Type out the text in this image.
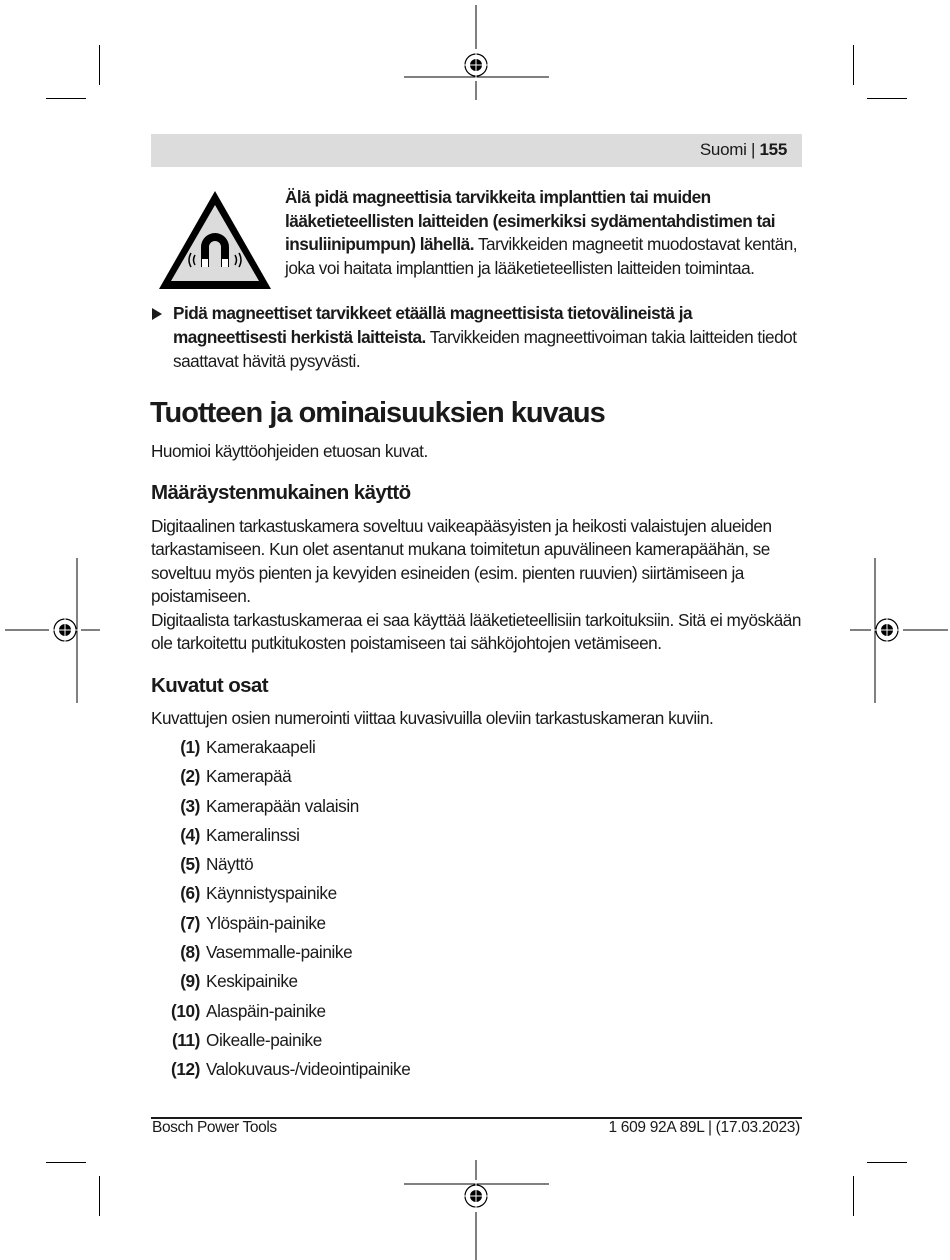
Suomi | 155
Älä pidä magneettisia tarvikkeita implanttien tai muiden lääketieteellisten laitteiden (esimerkiksi sydämentahdistimen tai insuliinipumpun) lähellä. Tarvikkeiden magneetit muodostavat kentän, joka voi haitata implanttien ja lääketieteellisten laitteiden toimintaa.
Pidä magneettiset tarvikkeet etäällä magneettisista tietovälineistä ja magneettisesti herkistä laitteista. Tarvikkeiden magneettivoiman takia laitteiden tiedot saattavat hävitä pysyvästi.
Tuotteen ja ominaisuuksien kuvaus

Huomioi käyttöohjeiden etuosan kuvat.

Määräystenmukainen käyttö

Digitaalinen tarkastuskamera soveltuu vaikeapääsyisten ja heikosti valaistujen alueiden tarkastamiseen. Kun olet asentanut mukana toimitetun apuvälineen kamerapäähän, se soveltuu myös pienten ja kevyiden esineiden (esim. pienten ruuvien) siirtämiseen ja poistamiseen.

Digitaalista tarkastuskameraa ei saa käyttää lääketieteellisiin tarkoituksiin. Sitä ei myöskään ole tarkoitettu putkitukosten poistamiseen tai sähköjohtojen vetämiseen.

Kuvatut osat

Kuvattujen osien numerointi viittaa kuvasivuilla oleviin tarkastuskameran kuviin.

(1) Kamerakaapeli
(2) Kamerapää
(3) Kamerapään valaisin
(4) Kameralinssi
(5) Näyttö
(6) Käynnistyspainike
(7) Ylöspäin-painike
(8) Vasemmalle-painike
(9) Keskipainike
(10) Alaspäin-painike
(11) Oikealle-painike
(12) Valokuvaus-/videointipainike
Bosch Power Tools	1 609 92A 89L | (17.03.2023)
